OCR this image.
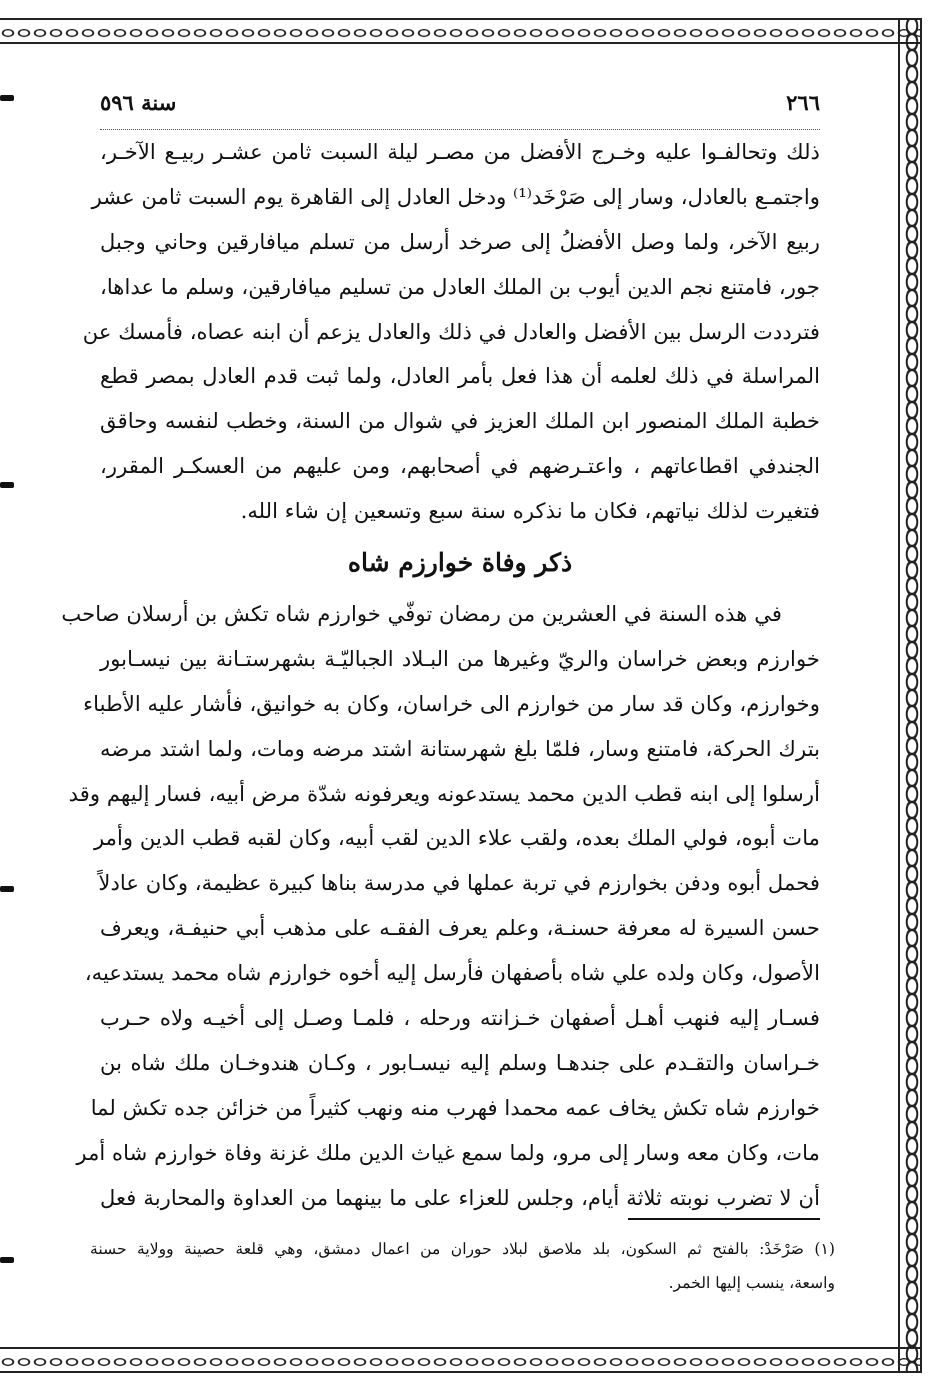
٢٦٦
سنة ٥٩٦
ذلك وتحالفـوا عليه وخـرج الأفضل من مصـر ليلة السبت ثامن عشـر ربيـع الآخـر،
واجتمـع بالعادل، وسار إلى صَرْخَد⁽¹⁾ ودخل العادل إلى القاهرة يوم السبت ثامن عشر
ربيع الآخر، ولما وصل الأفضلُ إلى صرخد أرسل من تسلم ميافارقين وحاني وجبل
جور، فامتنع نجم الدين أيوب بن الملك العادل من تسليم ميافارقين، وسلم ما عداها،
فترددت الرسل بين الأفضل والعادل في ذلك والعادل يزعم أن ابنه عصاه، فأمسك عن
المراسلة في ذلك لعلمه أن هذا فعل بأمر العادل، ولما ثبت قدم العادل بمصر قطع
خطبة الملك المنصور ابن الملك العزيز في شوال من السنة، وخطب لنفسه وحاقق
الجندفي اقطاعاتهم ، واعتـرضهم في أصحابهم، ومن عليهم من العسكـر المقرر،
فتغيرت لذلك نياتهم، فكان ما نذكره سنة سبع وتسعين إن شاء الله.
ذكر وفاة خوارزم شاه
في هذه السنة في العشرين من رمضان توفّي خوارزم شاه تكش بن أرسلان صاحب
خوارزم وبعض خراسان والريّ وغيرها من البـلاد الجباليّـة بشهرستـانة بين نيسـابور
وخوارزم، وكان قد سار من خوارزم الى خراسان، وكان به خوانيق، فأشار عليه الأطباء
بترك الحركة، فامتنع وسار، فلمّا بلغ شهرستانة اشتد مرضه ومات، ولما اشتد مرضه
أرسلوا إلى ابنه قطب الدين محمد يستدعونه ويعرفونه شدّة مرض أبيه، فسار إليهم وقد
مات أبوه، فولي الملك بعده، ولقب علاء الدين لقب أبيه، وكان لقبه قطب الدين وأمر
فحمل أبوه ودفن بخوارزم في تربة عملها في مدرسة بناها كبيرة عظيمة، وكان عادلاً
حسن السيرة له معرفة حسنـة، وعلم يعرف الفقـه على مذهب أبي حنيفـة، ويعرف
الأصول، وكان ولده علي شاه بأصفهان فأرسل إليه أخوه خوارزم شاه محمد يستدعيه،
فسـار إليه فنهب أهـل أصفهان خـزانته ورحله ، فلمـا وصـل إلى أخيـه ولاه حـرب
خـراسان والتقـدم على جندهـا وسلم إليه نيسـابور ، وكـان هندوخـان ملك شاه بن
خوارزم شاه تكش يخاف عمه محمدا فهرب منه ونهب كثيراً من خزائن جده تكش لما
مات، وكان معه وسار إلى مرو، ولما سمع غياث الدين ملك غزنة وفاة خوارزم شاه أمر
أن لا تضرب نوبته ثلاثة أيام، وجلس للعزاء على ما بينهما من العداوة والمحاربة فعل
(١) صَرْخَدْ: بالفتح ثم السكون، بلد ملاصق لبلاد حوران من اعمال دمشق، وهي قلعة حصينة وولاية حسنة
واسعة، ينسب إليها الخمر.
